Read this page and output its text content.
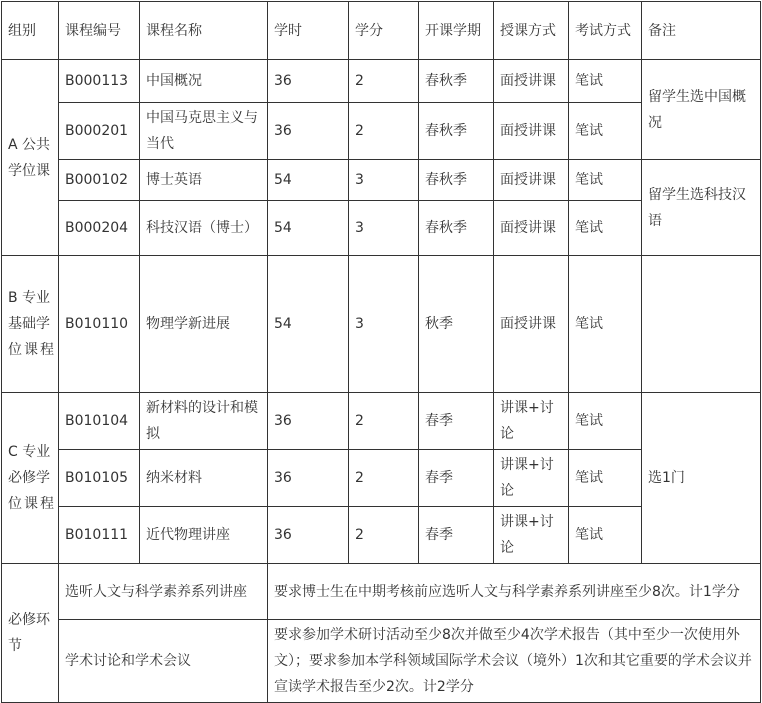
组别	课程编号	课程名称	学时	学分	开课学期	授课方式	考试方式	备注
A 公共学位课	B000113	中国概况	36	2	春秋季	面授讲课	笔试	留学生选中国概况
	B000201	中国马克思主义与当代	36	2	春秋季	面授讲课	笔试	
	B000102	博士英语	54	3	春秋季	面授讲课	笔试	留学生选科技汉语
	B000204	科技汉语（博士）	54	3	春秋季	面授讲课	笔试	
B 专业基础学位课程	B010110	物理学新进展	54	3	秋季	面授讲课	笔试	
C 专业必修学位课程	B010104	新材料的设计和模拟	36	2	春季	讲课+讨论	笔试	选1门
	B010105	纳米材料	36	2	春季	讲课+讨论	笔试	
	B010111	近代物理讲座	36	2	春季	讲课+讨论	笔试	
必修环节	选听人文与科学素养系列讲座		要求博士生在中期考核前应选听人文与科学素养系列讲座至少8次。计1学分					
	学术讨论和学术会议		要求参加学术研讨活动至少8次并做至少4次学术报告（其中至少一次使用外文）；要求参加本学科领域国际学术会议（境外）1次和其它重要的学术会议并宣读学术报告至少2次。计2学分					
